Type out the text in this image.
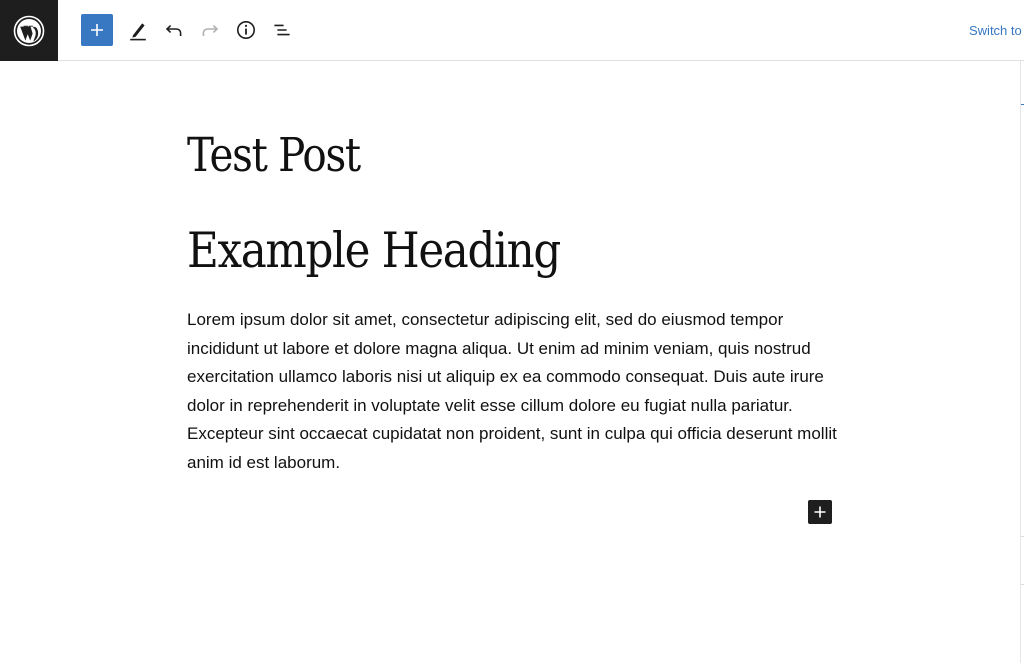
Switch to
Test Post
Example Heading

Lorem ipsum dolor sit amet, consectetur adipiscing elit, sed do eiusmod tempor incididunt ut labore et dolore magna aliqua. Ut enim ad minim veniam, quis nostrud exercitation ullamco laboris nisi ut aliquip ex ea commodo consequat. Duis aute irure dolor in reprehenderit in voluptate velit esse cillum dolore eu fugiat nulla pariatur. Excepteur sint occaecat cupidatat non proident, sunt in culpa qui officia deserunt mollit anim id est laborum.
